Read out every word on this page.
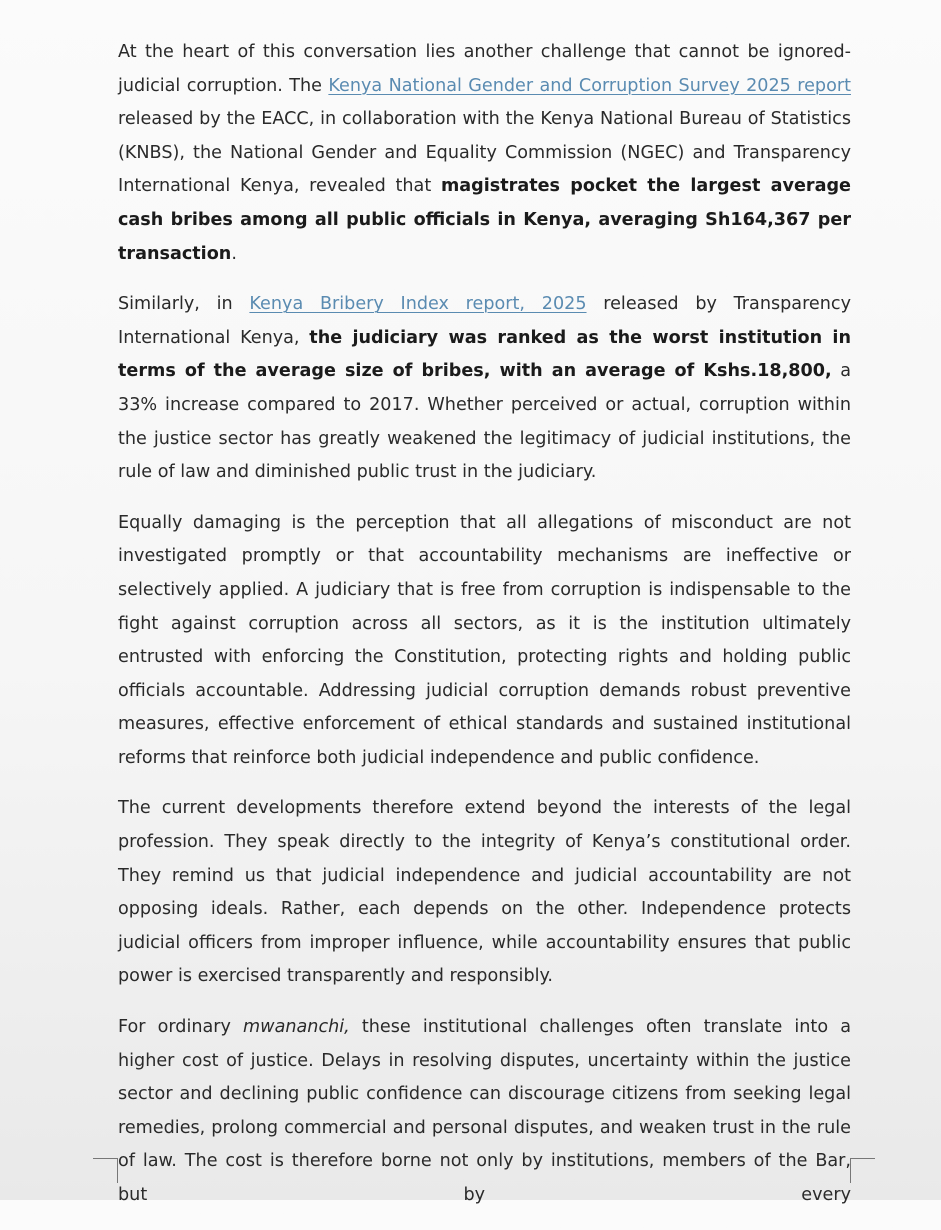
At the heart of this conversation lies another challenge that cannot be ignored-judicial corruption. The Kenya National Gender and Corruption Survey 2025 report released by the EACC, in collaboration with the Kenya National Bureau of Statistics (KNBS), the National Gender and Equality Commission (NGEC) and Transparency International Kenya, revealed that magistrates pocket the largest average cash bribes among all public officials in Kenya, averaging Sh164,367 per transaction.

Similarly, in Kenya Bribery Index report, 2025 released by Transparency International Kenya, the judiciary was ranked as the worst institution in terms of the average size of bribes, with an average of Kshs.18,800, a 33% increase compared to 2017. Whether perceived or actual, corruption within the justice sector has greatly weakened the legitimacy of judicial institutions, the rule of law and diminished public trust in the judiciary.

Equally damaging is the perception that all allegations of misconduct are not investigated promptly or that accountability mechanisms are ineffective or selectively applied. A judiciary that is free from corruption is indispensable to the fight against corruption across all sectors, as it is the institution ultimately entrusted with enforcing the Constitution, protecting rights and holding public officials accountable. Addressing judicial corruption demands robust preventive measures, effective enforcement of ethical standards and sustained institutional reforms that reinforce both judicial independence and public confidence.

The current developments therefore extend beyond the interests of the legal profession. They speak directly to the integrity of Kenya’s constitutional order. They remind us that judicial independence and judicial accountability are not opposing ideals. Rather, each depends on the other. Independence protects judicial officers from improper influence, while accountability ensures that public power is exercised transparently and responsibly.

For ordinary mwananchi, these institutional challenges often translate into a higher cost of justice. Delays in resolving disputes, uncertainty within the justice sector and declining public confidence can discourage citizens from seeking legal remedies, prolong commercial and personal disputes, and weaken trust in the rule of law. The cost is therefore borne not only by institutions, members of the Bar, but by every
